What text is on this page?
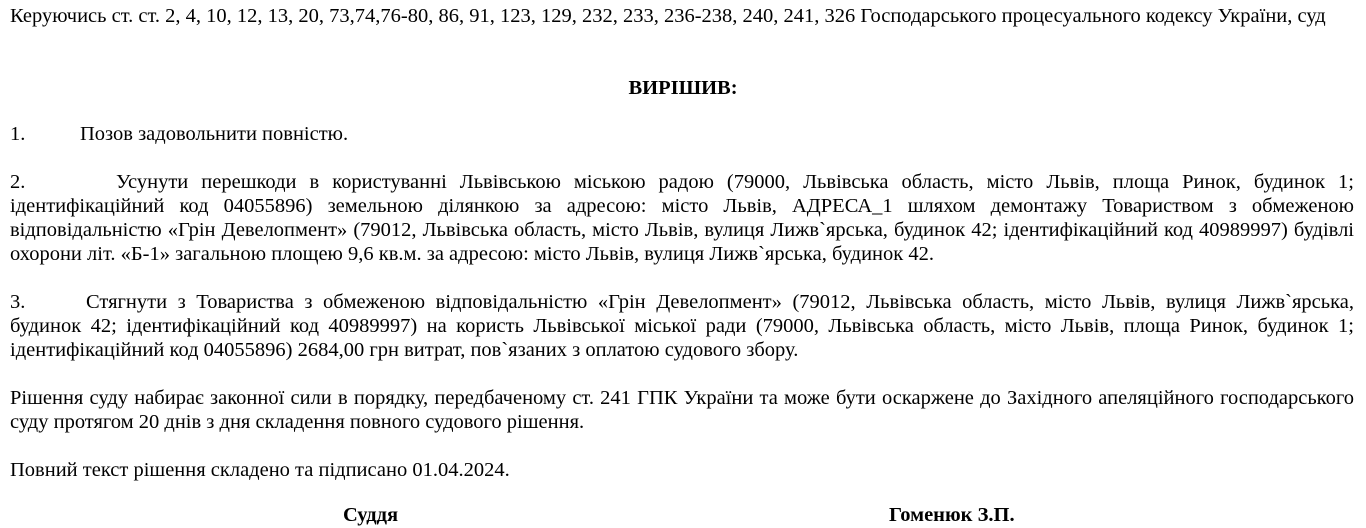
Керуючись ст. ст. 2, 4, 10, 12, 13, 20, 73,74,76-80, 86, 91, 123, 129, 232, 233, 236-238, 240, 241, 326 Господарського процесуального кодексу України, суд

ВИРІШИВ:

1.	Позов задовольнити повністю.

2.	Усунути перешкоди в користуванні Львівською міською радою (79000, Львівська область, місто Львів, площа Ринок, будинок 1; ідентифікаційний код 04055896) земельною ділянкою за адресою: місто Львів, АДРЕСА_1 шляхом демонтажу Товариством з обмеженою відповідальністю «Грін Девелопмент» (79012, Львівська область, місто Львів, вулиця Лижв`ярська, будинок 42; ідентифікаційний код 40989997) будівлі охорони літ. «Б-1» загальною площею 9,6 кв.м. за адресою: місто Львів, вулиця Лижв`ярська, будинок 42.

3.	Стягнути з Товариства з обмеженою відповідальністю «Грін Девелопмент» (79012, Львівська область, місто Львів, вулиця Лижв`ярська, будинок 42; ідентифікаційний код 40989997) на користь Львівської міської ради (79000, Львівська область, місто Львів, площа Ринок, будинок 1; ідентифікаційний код 04055896) 2684,00 грн витрат, пов`язаних з оплатою судового збору.

Рішення суду набирає законної сили в порядку, передбаченому ст. 241 ГПК України та може бути оскаржене до Західного апеляційного господарського суду протягом 20 днів з дня складення повного судового рішення.

Повний текст рішення складено та підписано 01.04.2024.

Суддя	Гоменюк З.П.
